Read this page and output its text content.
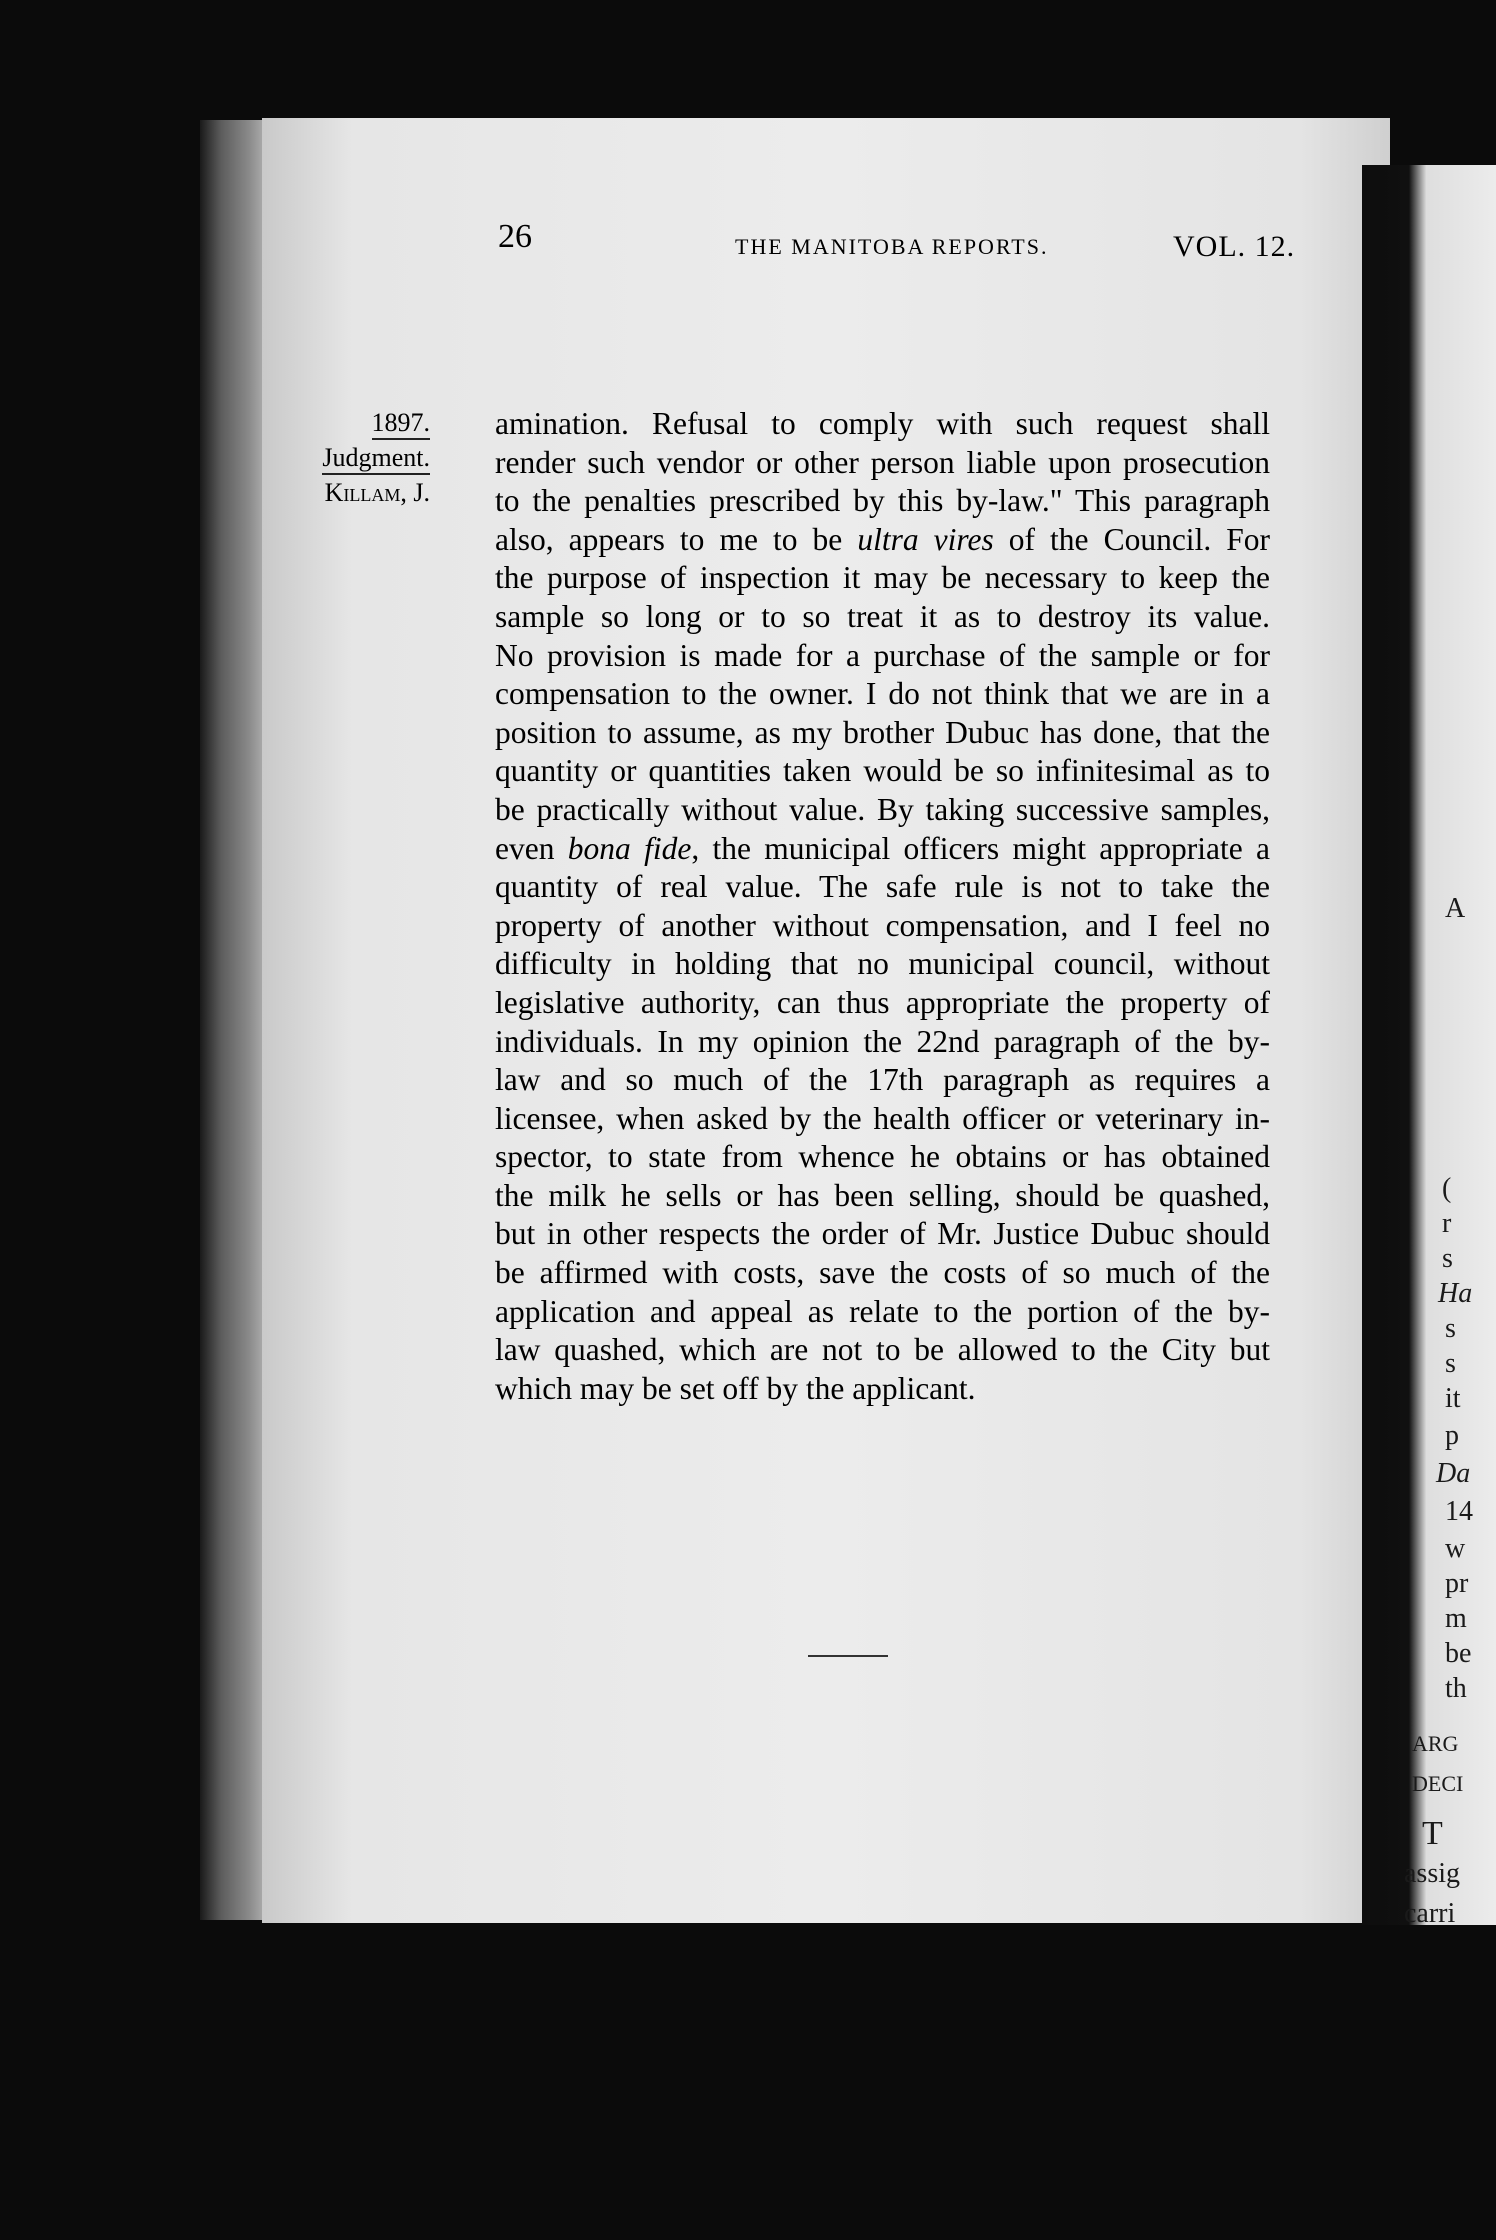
A
(
r
s
Ha
s
s
it
p
Da
14
w
pr
m
be
th
ARG
DECI
T
assig
carri
26	THE MANITOBA REPORTS.	VOL. 12.
1897.
Judgment.
Killam, J.
amination. Refusal to comply with such request shall
render such vendor or other person liable upon prosecution
to the penalties prescribed by this by-law." This paragraph
also, appears to me to be ultra vires of the Council. For
the purpose of inspection it may be necessary to keep the
sample so long or to so treat it as to destroy its value.
No provision is made for a purchase of the sample or for
compensation to the owner. I do not think that we are in a
position to assume, as my brother Dubuc has done, that the
quantity or quantities taken would be so infinitesimal as to
be practically without value. By taking successive samples,
even bona fide, the municipal officers might appropriate a
quantity of real value. The safe rule is not to take the
property of another without compensation, and I feel no
difficulty in holding that no municipal council, without
legislative authority, can thus appropriate the property of
individuals. In my opinion the 22nd paragraph of the by-
law and so much of the 17th paragraph as requires a
licensee, when asked by the health officer or veterinary in-
spector, to state from whence he obtains or has obtained
the milk he sells or has been selling, should be quashed,
but in other respects the order of Mr. Justice Dubuc should
be affirmed with costs, save the costs of so much of the
application and appeal as relate to the portion of the by-
law quashed, which are not to be allowed to the City but
which may be set off by the applicant.
